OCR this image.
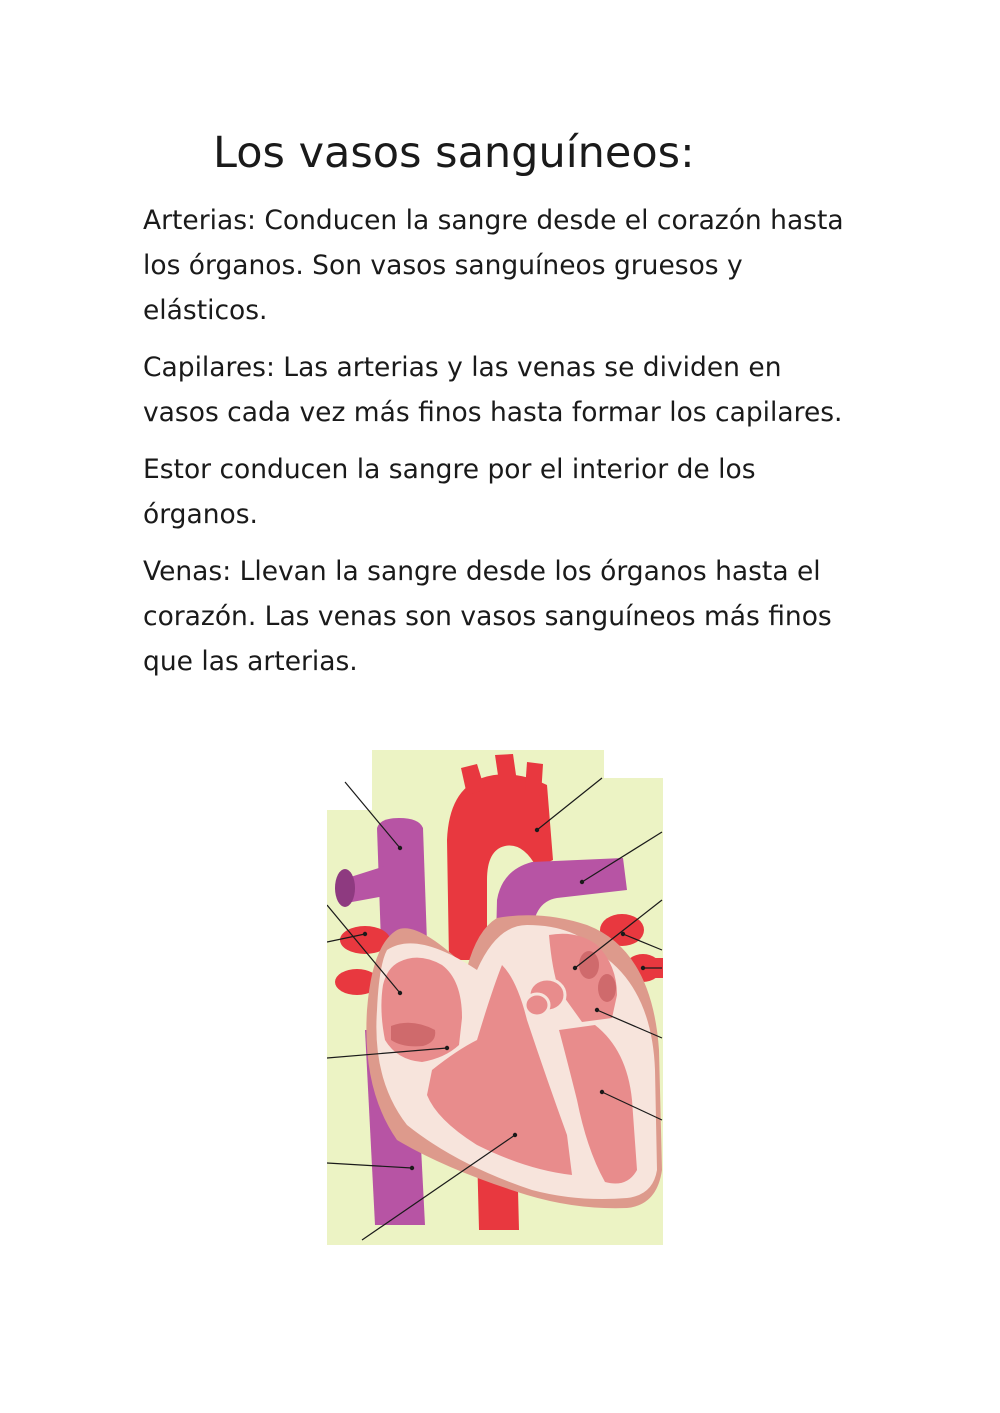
Los vasos sanguíneos:

Arterias: Conducen la sangre desde el corazón hasta los órganos. Son vasos sanguíneos gruesos y elásticos.

Capilares: Las arterias y las venas se dividen en vasos cada vez más finos hasta formar los capilares.

Estor conducen la sangre por el interior de los órganos.

Venas: Llevan la sangre desde los órganos hasta el corazón. Las venas son vasos sanguíneos más finos que las arterias.
